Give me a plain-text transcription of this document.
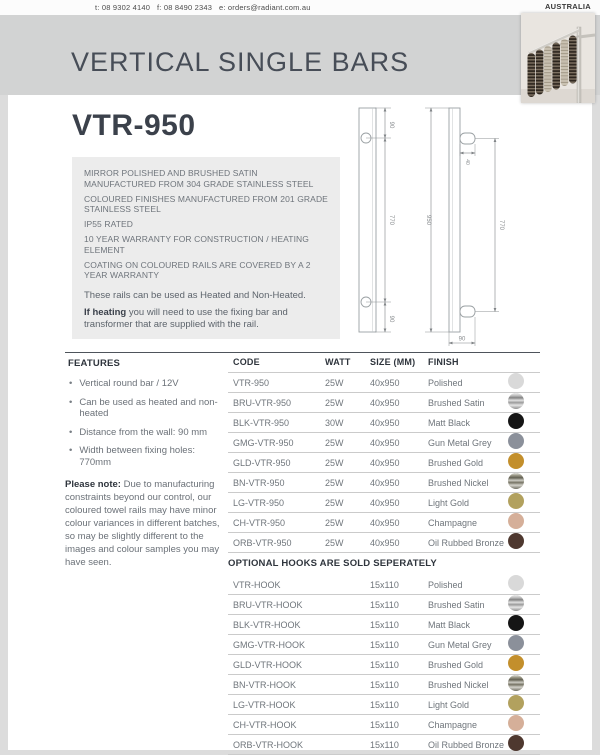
t: 08 9302 4140   f: 08 8490 2343   e: orders@radiant.com.au	AUSTRALIA
VERTICAL SINGLE BARS
VTR-950
MIRROR POLISHED AND BRUSHED SATIN MANUFACTURED FROM 304 GRADE STAINLESS STEEL
COLOURED FINISHES MANUFACTURED FROM 201 GRADE STAINLESS STEEL
IP55 RATED
10 YEAR WARRANTY FOR CONSTRUCTION / HEATING ELEMENT
COATING ON COLOURED RAILS ARE COVERED BY A 2 YEAR WARRANTY

These rails can be used as Heated and Non-Heated.

If heating you will need to use the fixing bar and transformer that are supplied with the rail.

90
770
90
950	770
40
90
FEATURES
• Vertical round bar / 12V
• Can be used as heated and non-heated
• Distance from the wall: 90 mm
• Width between fixing holes: 770mm

Please note: Due to manufacturing constraints beyond our control, our coloured towel rails may have minor colour variances in different batches, so may be slightly different to the images and colour samples you may have seen.

CODE	WATT SIZE (MM) FINISH
VTR-950	25W	40x950	Polished
BRU-VTR-950	25W	40x950	Brushed Satin
BLK-VTR-950	30W	40x950	Matt Black
GMG-VTR-950	25W	40x950	Gun Metal Grey
GLD-VTR-950	25W	40x950	Brushed Gold
BN-VTR-950	25W	40x950	Brushed Nickel
LG-VTR-950	25W	40x950	Light Gold
CH-VTR-950	25W	40x950	Champagne
ORB-VTR-950	25W	40x950	Oil Rubbed Bronze
OPTIONAL HOOKS ARE SOLD SEPERATELY
VTR-HOOK	15x110	Polished
BRU-VTR-HOOK	15x110	Brushed Satin
BLK-VTR-HOOK	15x110	Matt Black
GMG-VTR-HOOK	15x110	Gun Metal Grey
GLD-VTR-HOOK	15x110	Brushed Gold
BN-VTR-HOOK	15x110	Brushed Nickel
LG-VTR-HOOK	15x110	Light Gold
CH-VTR-HOOK	15x110	Champagne
ORB-VTR-HOOK	15x110	Oil Rubbed Bronze
